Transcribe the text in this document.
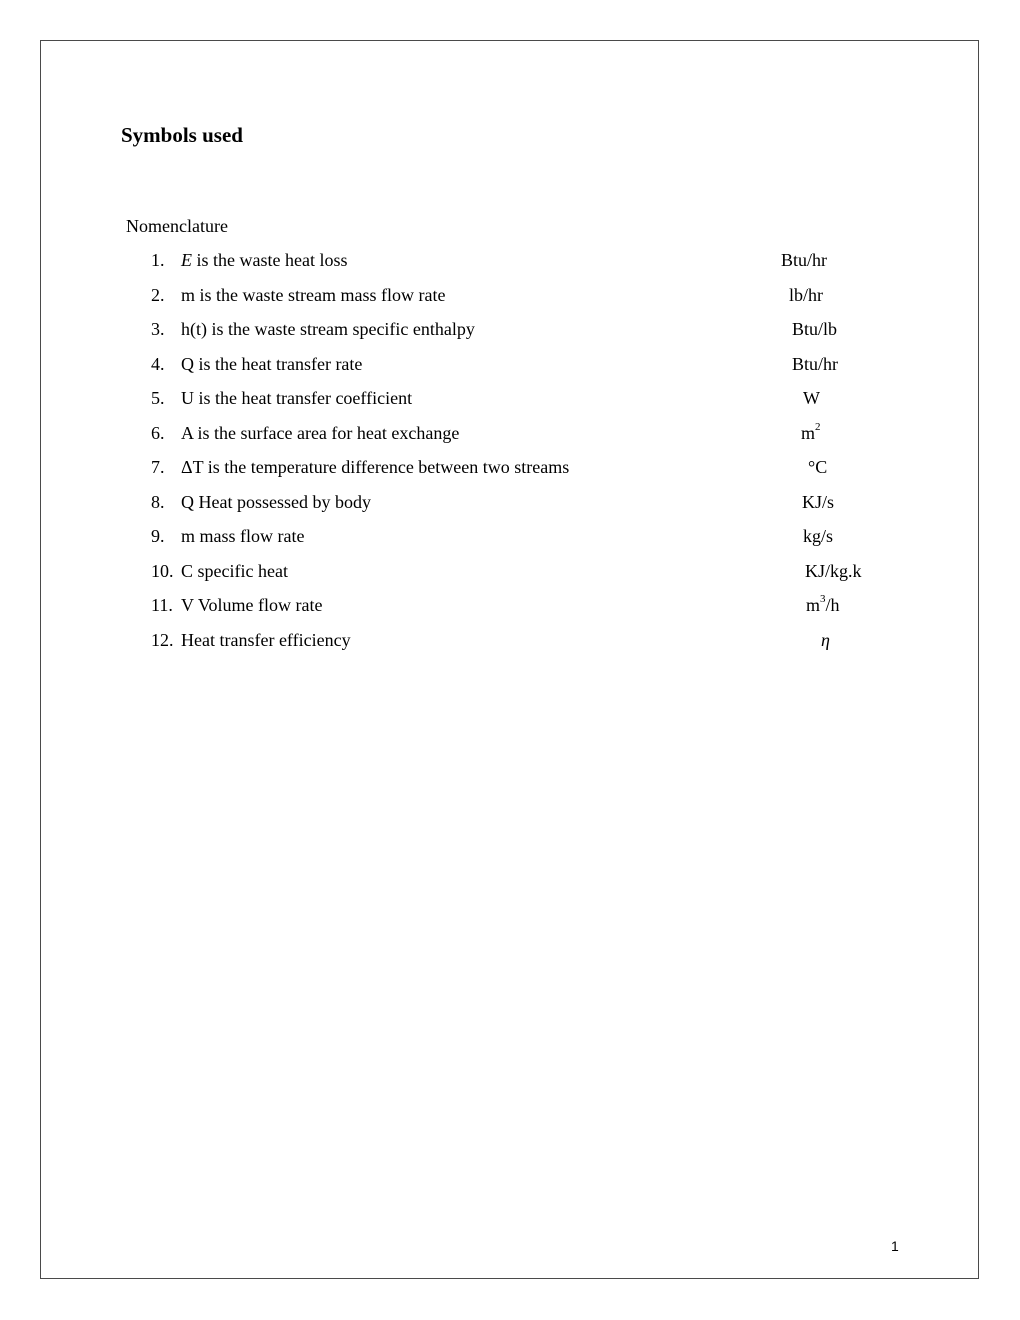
Symbols used
Nomenclature
1. E is the waste heat loss	Btu/hr
2. m is the waste stream mass flow rate	lb/hr
3. h(t) is the waste stream specific enthalpy	Btu/lb
4. Q is the heat transfer rate	Btu/hr
5. U is the heat transfer coefficient	W
6. A is the surface area for heat exchange	$m^2$
7. ΔT is the temperature difference between two streams	°C
8. Q Heat possessed by body	KJ/s
9. m mass flow rate	kg/s
10. C specific heat	KJ/kg.k
11. V Volume flow rate	$m^3/h$
12. Heat transfer efficiency	η
1
